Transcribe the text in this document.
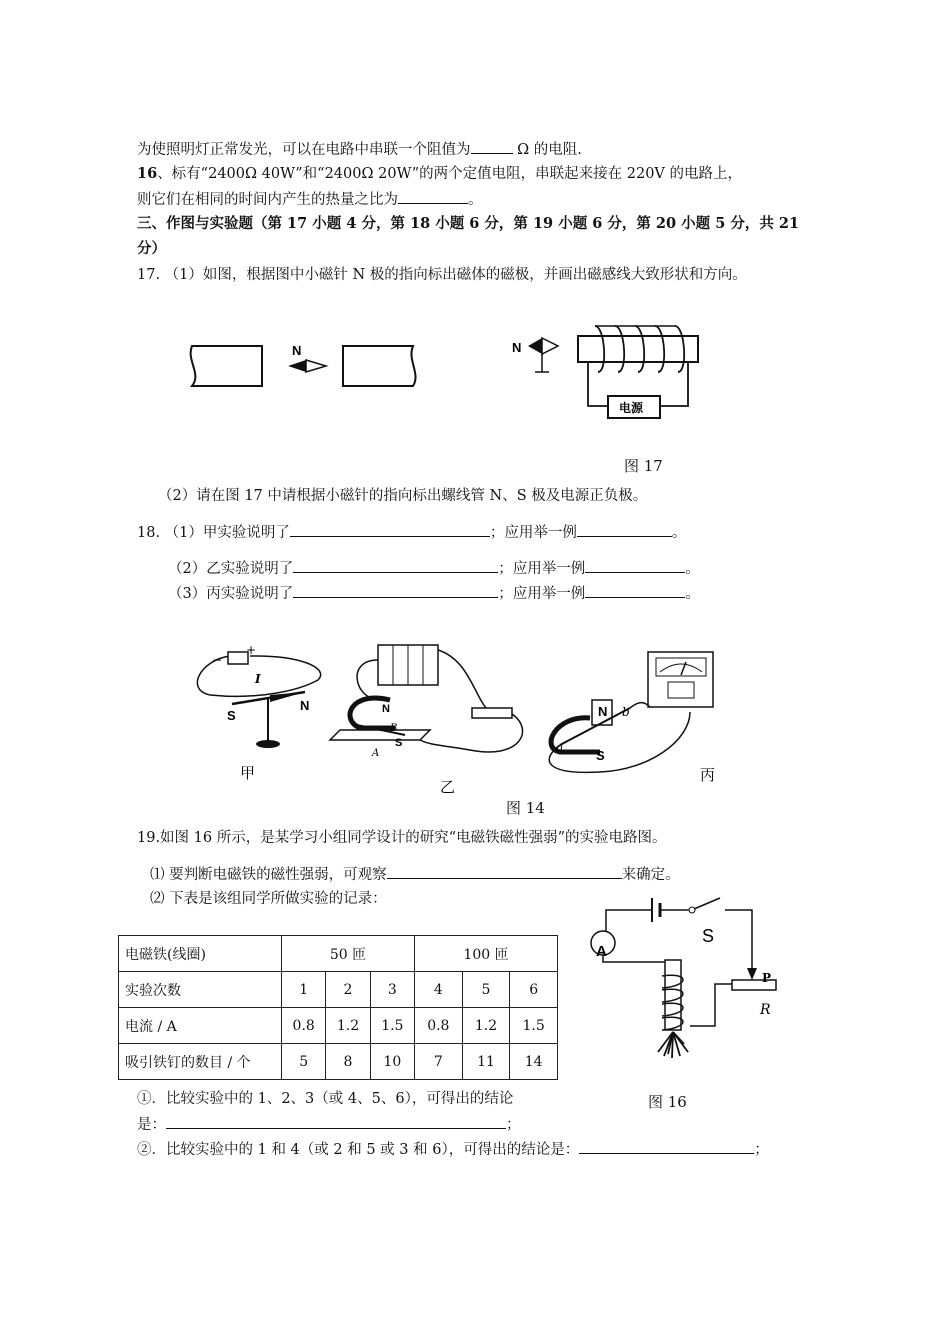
为使照明灯正常发光，可以在电路中串联一个阻值为	Ω 的电阻.
16、标有“2400Ω 40W”和“2400Ω 20W”的两个定值电阻，串联起来接在 220V 的电路上，
则它们在相同的时间内产生的热量之比为	。
三、作图与实验题（第 17 小题 4 分，第 18 小题 6 分，第 19 小题 6 分，第 20 小题 5 分，共 21
分）
17. （1）如图，根据图中小磁针 N 极的指向标出磁体的磁极，并画出磁感线大致形状和方向。
N	N
电源
图 17
（2）请在图 17 中请根据小磁针的指向标出螺线管 N、S 极及电源正负极。
18. （1）甲实验说明了	；应用举一例	。
（2）乙实验说明了	；应用举一例	。
（3）丙实验说明了	；应用举一例	。
−
+
I
S
N
甲
N
S
B
A
乙
N
S
a
b
丙
图 14
19.如图 16 所示，是某学习小组同学设计的研究“电磁铁磁性强弱”的实验电路图。
⑴ 要判断电磁铁的磁性强弱，可观察	来确定。
⑵ 下表是该组同学所做实验的记录：
S
A
P
R
图 16
电磁铁(线圈)	50 匝			100 匝		
实验次数	1	2	3	4	5	6
电流 / A	0.8	1.2	1.5	0.8	1.2	1.5
吸引铁钉的数目 / 个	5	8	10	7	11	14
①．比较实验中的 1、2、3（或 4、5、6），可得出的结论
是：	；
②．比较实验中的 1 和 4（或 2 和 5 或 3 和 6），可得出的结论是：	；
